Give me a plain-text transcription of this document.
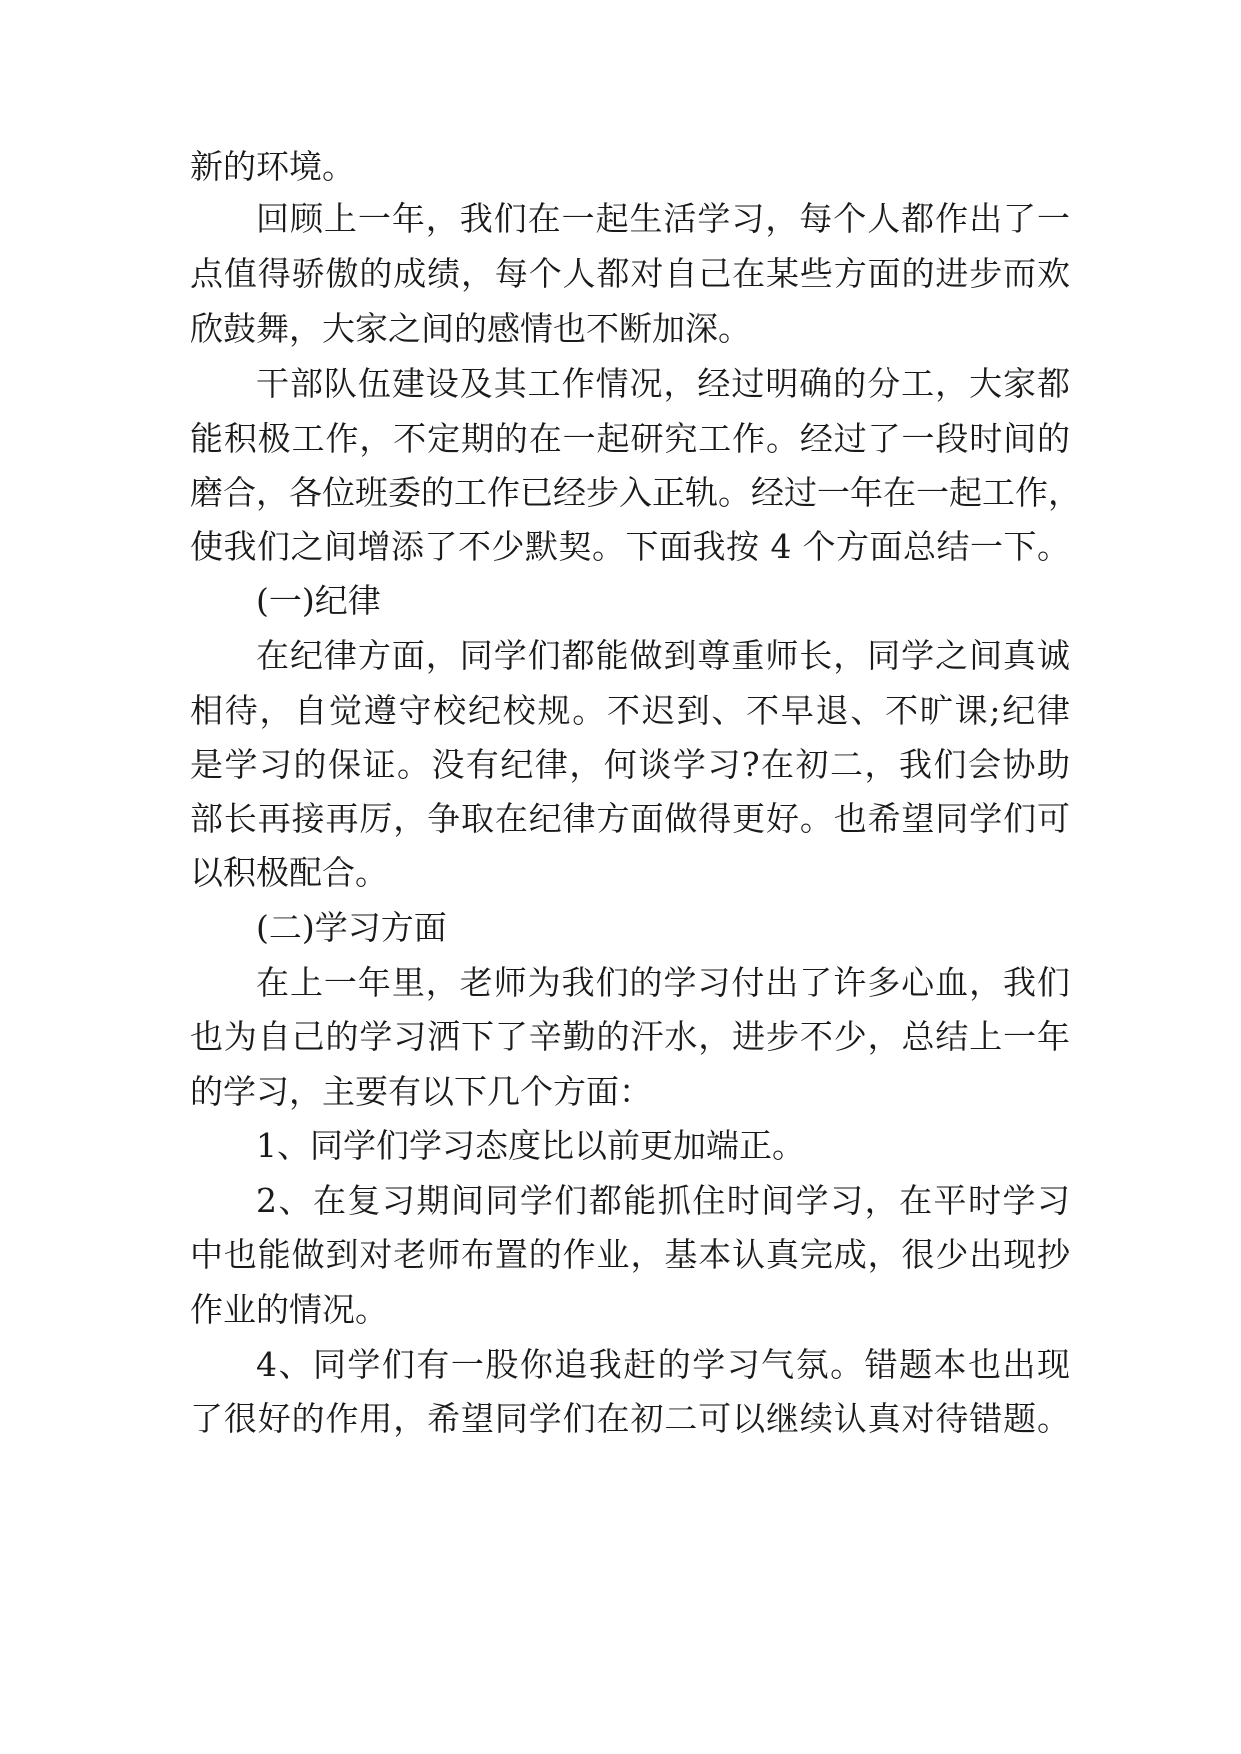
新的环境。
回顾上一年，我们在一起生活学习，每个人都作出了一
点值得骄傲的成绩，每个人都对自己在某些方面的进步而欢
欣鼓舞，大家之间的感情也不断加深。
干部队伍建设及其工作情况，经过明确的分工，大家都
能积极工作，不定期的在一起研究工作。经过了一段时间的
磨合，各位班委的工作已经步入正轨。经过一年在一起工作，
使我们之间增添了不少默契。下面我按 4 个方面总结一下。
(一)纪律
在纪律方面，同学们都能做到尊重师长，同学之间真诚
相待，自觉遵守校纪校规。不迟到、不早退、不旷课;纪律
是学习的保证。没有纪律，何谈学习?在初二，我们会协助
部长再接再厉，争取在纪律方面做得更好。也希望同学们可
以积极配合。
(二)学习方面
在上一年里，老师为我们的学习付出了许多心血，我们
也为自己的学习洒下了辛勤的汗水，进步不少，总结上一年
的学习，主要有以下几个方面：
1、同学们学习态度比以前更加端正。
2、在复习期间同学们都能抓住时间学习，在平时学习
中也能做到对老师布置的作业，基本认真完成，很少出现抄
作业的情况。
4、同学们有一股你追我赶的学习气氛。错题本也出现
了很好的作用，希望同学们在初二可以继续认真对待错题。
